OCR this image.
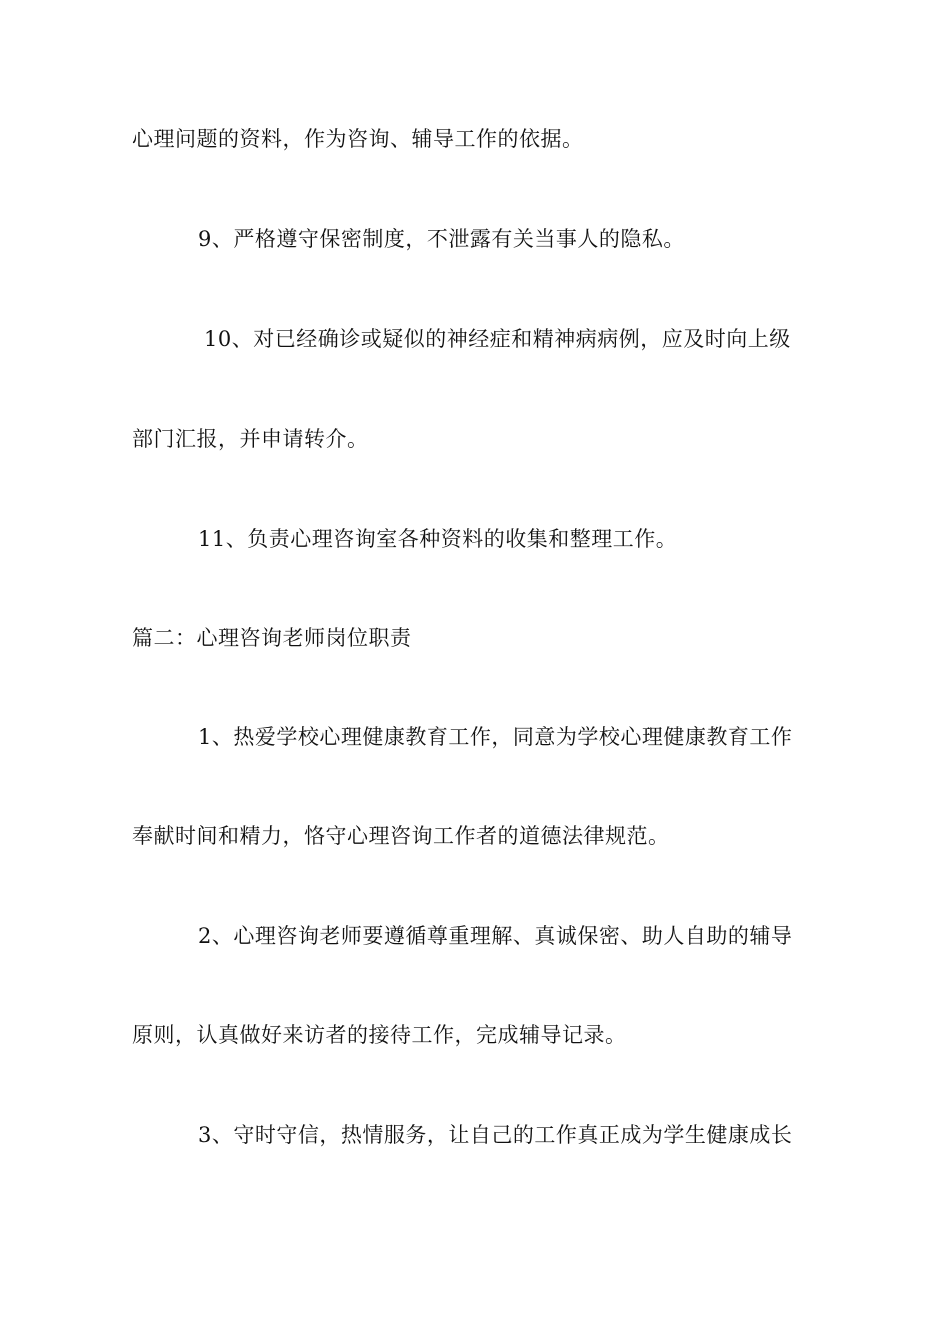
心理问题的资料，作为咨询、辅导工作的依据。
9、严格遵守保密制度，不泄露有关当事人的隐私。
10、对已经确诊或疑似的神经症和精神病病例，应及时向上级
部门汇报，并申请转介。
11、负责心理咨询室各种资料的收集和整理工作。
篇二：心理咨询老师岗位职责
1、热爱学校心理健康教育工作，同意为学校心理健康教育工作
奉献时间和精力，恪守心理咨询工作者的道德法律规范。
2、心理咨询老师要遵循尊重理解、真诚保密、助人自助的辅导
原则，认真做好来访者的接待工作，完成辅导记录。
3、守时守信，热情服务，让自己的工作真正成为学生健康成长
